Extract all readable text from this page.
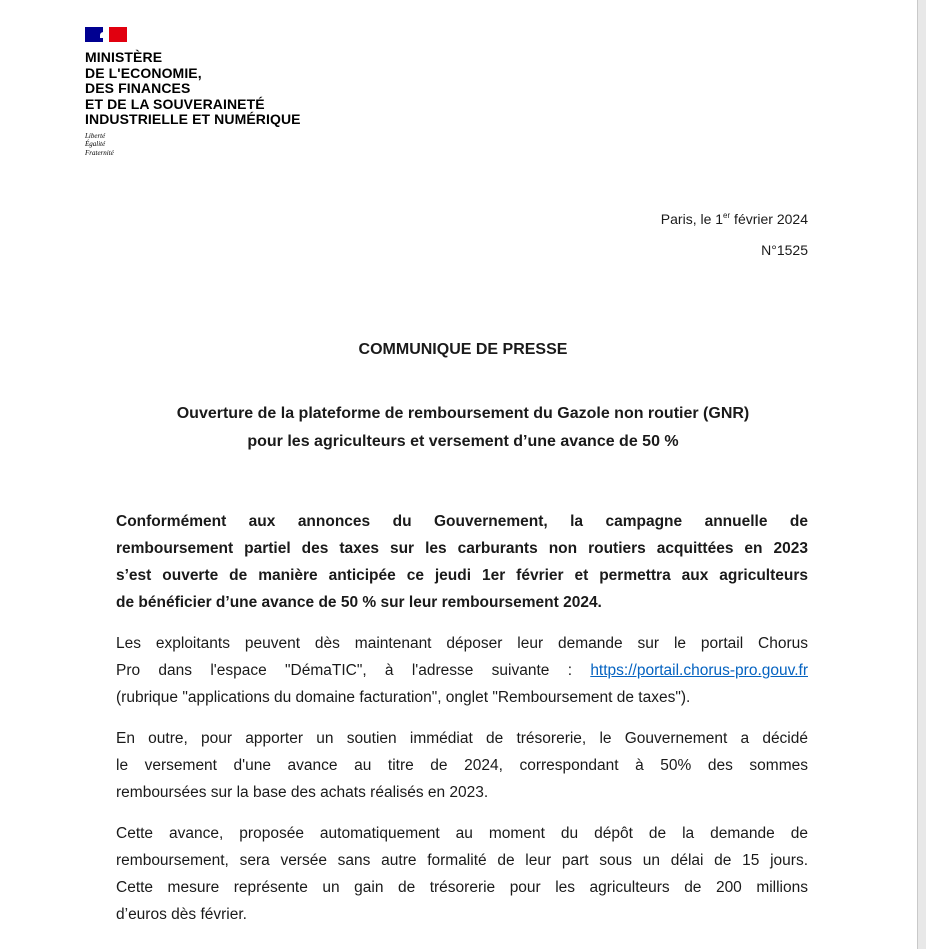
MINISTÈRE
DE L'ECONOMIE,
DES FINANCES
ET DE LA SOUVERAINETÉ
INDUSTRIELLE ET NUMÉRIQUE
Liberté
Égalité
Fraternité
Paris, le 1er février 2024
N°1525
COMMUNIQUE DE PRESSE
Ouverture de la plateforme de remboursement du Gazole non routier (GNR)
pour les agriculteurs et versement d’une avance de 50 %

Conformément aux annonces du Gouvernement, la campagne annuelle de
remboursement partiel des taxes sur les carburants non routiers acquittées en 2023
s’est ouverte de manière anticipée ce jeudi 1er février et permettra aux agriculteurs
de bénéficier d’une avance de 50 % sur leur remboursement 2024.

Les exploitants peuvent dès maintenant déposer leur demande sur le portail Chorus
Pro dans l'espace "DémaTIC", à l'adresse suivante : https://portail.chorus-pro.gouv.fr
(rubrique "applications du domaine facturation", onglet "Remboursement de taxes").

En outre, pour apporter un soutien immédiat de trésorerie, le Gouvernement a décidé
le versement d'une avance au titre de 2024, correspondant à 50% des sommes
remboursées sur la base des achats réalisés en 2023.

Cette avance, proposée automatiquement au moment du dépôt de la demande de
remboursement, sera versée sans autre formalité de leur part sous un délai de 15 jours.
Cette mesure représente un gain de trésorerie pour les agriculteurs de 200 millions
d’euros dès février.
